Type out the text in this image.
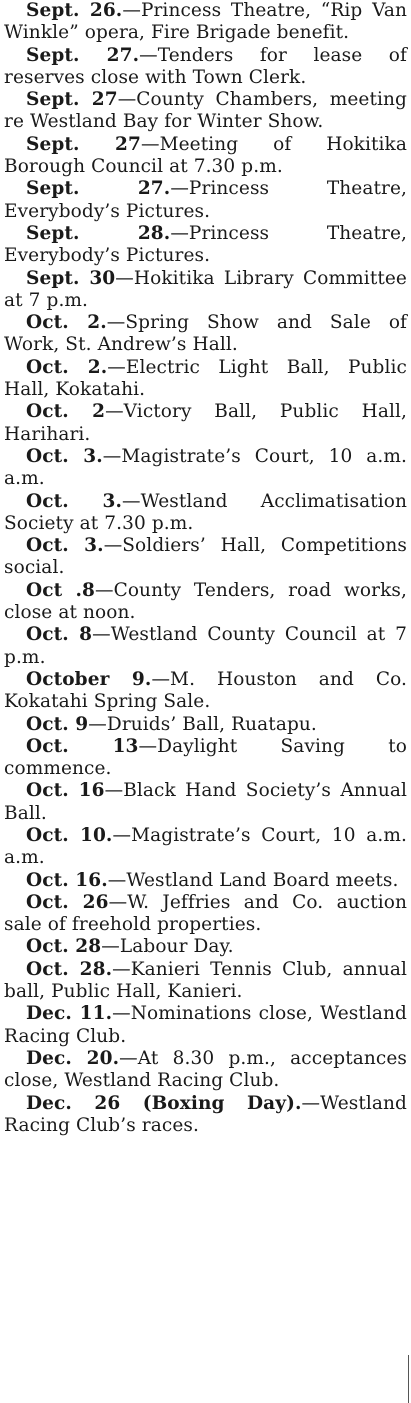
Sept. 26.—Princess Theatre, “Rip Van Winkle” opera, Fire Brigade benefit.

Sept. 27.—Tenders for lease of reserves close with Town Clerk.

Sept. 27—County Chambers, meeting re Westland Bay for Winter Show.

Sept. 27—Meeting of Hokitika Borough Council at 7.30 p.m.

Sept. 27.—Princess Theatre, Everybody’s Pictures.

Sept. 28.—Princess Theatre, Everybody’s Pictures.

Sept. 30—Hokitika Library Committee at 7 p.m.

Oct. 2.—Spring Show and Sale of Work, St. Andrew’s Hall.

Oct. 2.—Electric Light Ball, Public Hall, Kokatahi.

Oct. 2—Victory Ball, Public Hall, Harihari.

Oct. 3.—Magistrate’s Court, 10 a.m. a.m.

Oct. 3.—Westland Acclimatisation Society at 7.30 p.m.

Oct. 3.—Soldiers’ Hall, Competitions social.

Oct .8—County Tenders, road works, close at noon.

Oct. 8—Westland County Council at 7 p.m.

October 9.—M. Houston and Co. Kokatahi Spring Sale.

Oct. 9—Druids’ Ball, Ruatapu.

Oct. 13—Daylight Saving to commence.

Oct. 16—Black Hand Society’s Annual Ball.

Oct. 10.—Magistrate’s Court, 10 a.m. a.m.

Oct. 16.—Westland Land Board meets.

Oct. 26—W. Jeffries and Co. auction sale of freehold properties.

Oct. 28—Labour Day.

Oct. 28.—Kanieri Tennis Club, annual ball, Public Hall, Kanieri.

Dec. 11.—Nominations close, Westland Racing Club.

Dec. 20.—At 8.30 p.m., acceptances close, Westland Racing Club.

Dec. 26 (Boxing Day).—Westland Racing Club’s races.
